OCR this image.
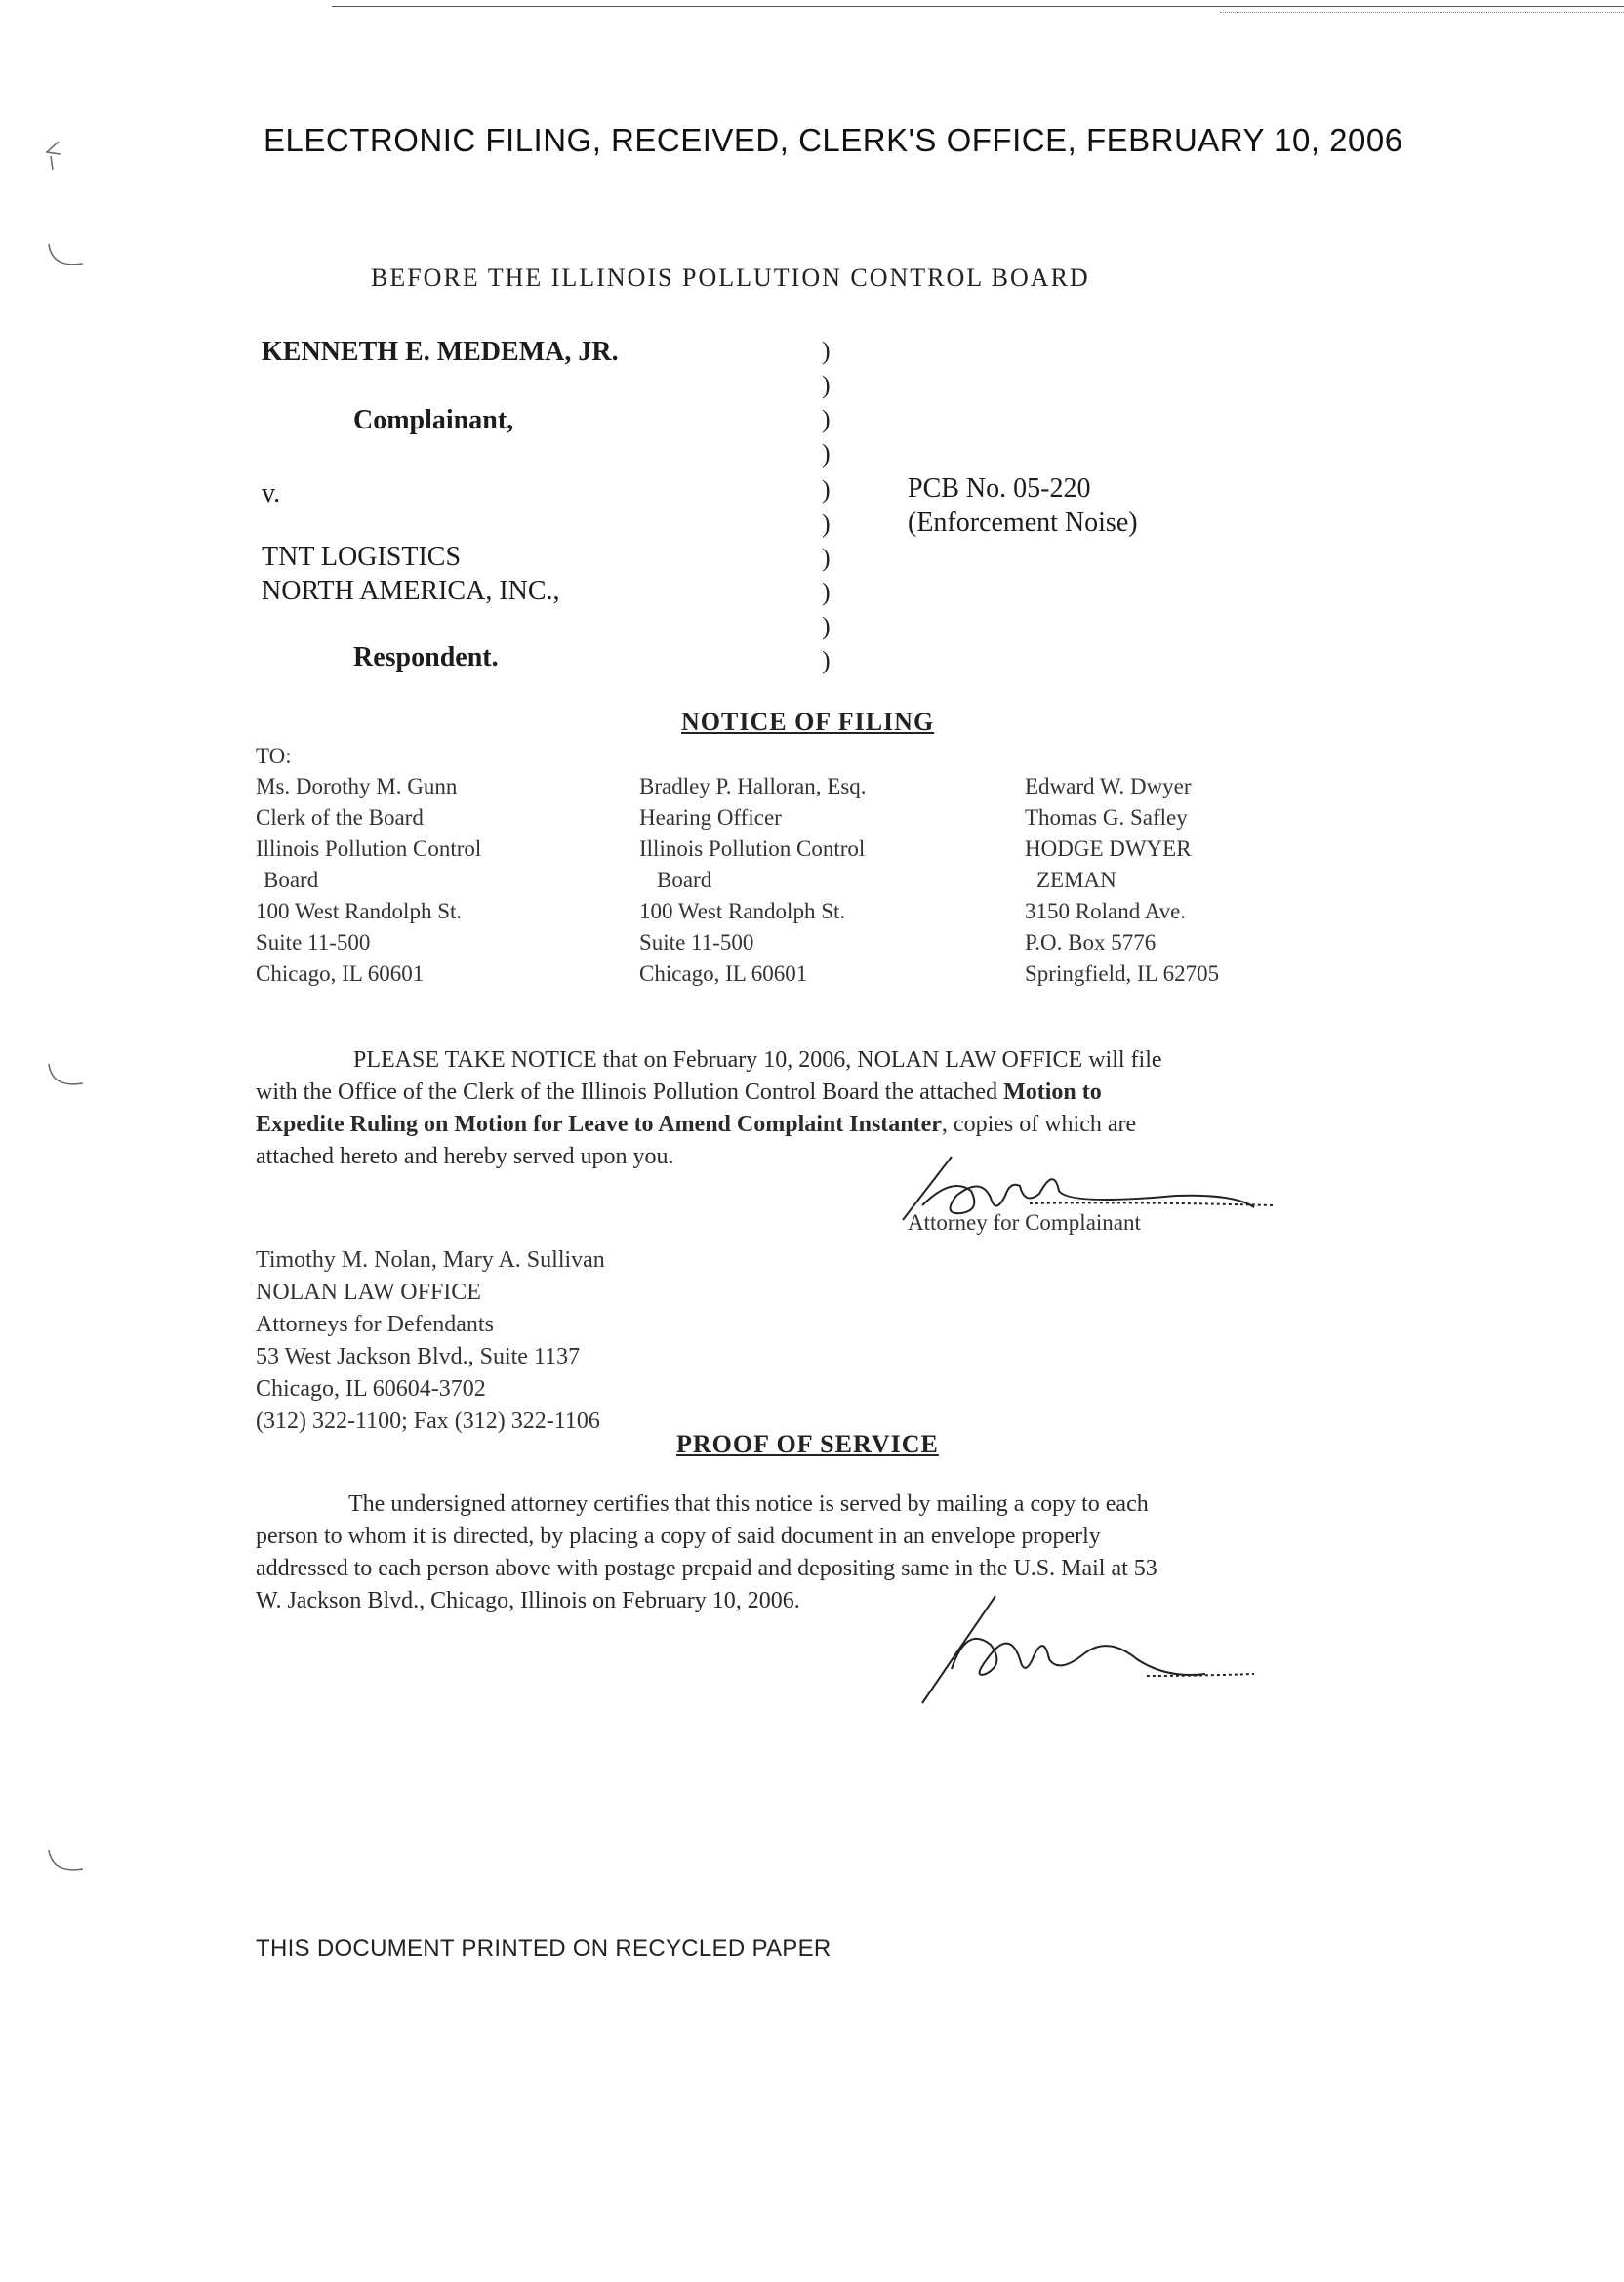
ELECTRONIC FILING, RECEIVED, CLERK'S OFFICE, FEBRUARY 10, 2006
BEFORE THE ILLINOIS POLLUTION CONTROL BOARD
KENNETH E. MEDEMA, JR.
Complainant,
v.
TNT LOGISTICS
NORTH AMERICA, INC.,
Respondent.
)
)
)
)
)
)
)
)
)
)
PCB No. 05-220
(Enforcement Noise)
NOTICE OF FILING
TO:
Ms. Dorothy M. Gunn
Clerk of the Board
Illinois Pollution Control
Board
100 West Randolph St.
Suite 11-500
Chicago, IL 60601
Bradley P. Halloran, Esq.
Hearing Officer
Illinois Pollution Control
Board
100 West Randolph St.
Suite 11-500
Chicago, IL 60601
Edward W. Dwyer
Thomas G. Safley
HODGE DWYER
ZEMAN
3150 Roland Ave.
P.O. Box 5776
Springfield, IL 62705
PLEASE TAKE NOTICE that on February 10, 2006, NOLAN LAW OFFICE will file
with the Office of the Clerk of the Illinois Pollution Control Board the attached Motion to
Expedite Ruling on Motion for Leave to Amend Complaint Instanter, copies of which are
attached hereto and hereby served upon you.
Attorney for Complainant
Timothy M. Nolan, Mary A. Sullivan
NOLAN LAW OFFICE
Attorneys for Defendants
53 West Jackson Blvd., Suite 1137
Chicago, IL 60604-3702
(312) 322-1100; Fax (312) 322-1106
PROOF OF SERVICE
The undersigned attorney certifies that this notice is served by mailing a copy to each
person to whom it is directed, by placing a copy of said document in an envelope properly
addressed to each person above with postage prepaid and depositing same in the U.S. Mail at 53
W. Jackson Blvd., Chicago, Illinois on February 10, 2006.
THIS DOCUMENT PRINTED ON RECYCLED PAPER
